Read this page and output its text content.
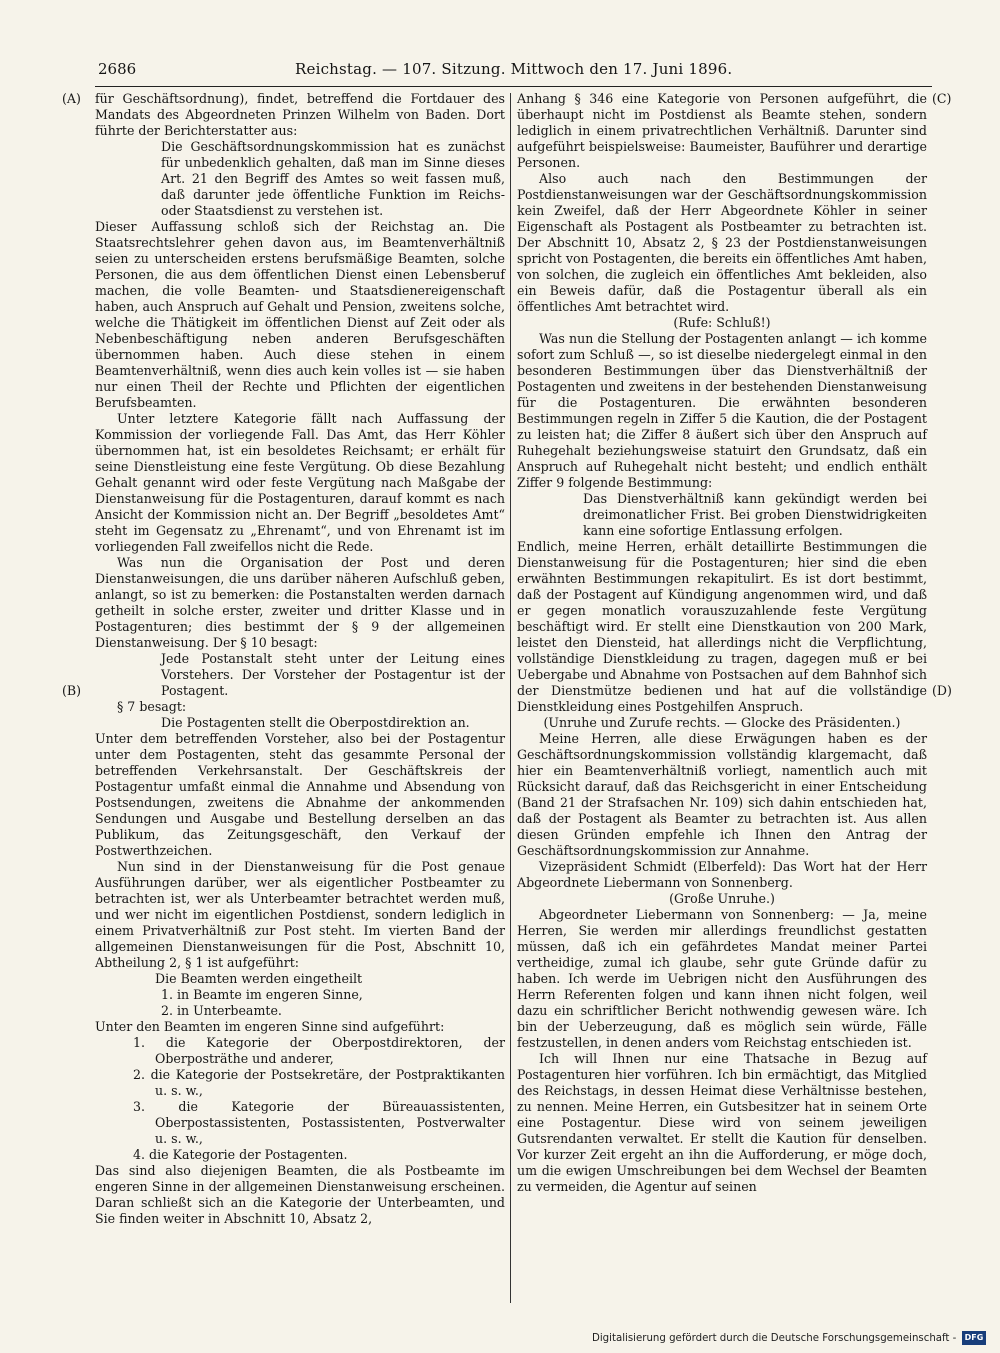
2686	Reichstag. — 107. Sitzung. Mittwoch den 17. Juni 1896.
(A)
(B)
(C)
(D)

für Geschäftsordnung), findet, betreffend die Fortdauer des Mandats des Abgeordneten Prinzen Wilhelm von Baden. Dort führte der Berichterstatter aus:

Die Geschäftsordnungskommission hat es zunächst für unbedenklich gehalten, daß man im Sinne dieses Art. 21 den Begriff des Amtes so weit fassen muß, daß darunter jede öffentliche Funktion im Reichs- oder Staatsdienst zu verstehen ist.

Dieser Auffassung schloß sich der Reichstag an. Die Staatsrechtslehrer gehen davon aus, im Beamtenverhältniß seien zu unterscheiden erstens berufsmäßige Beamten, solche Personen, die aus dem öffentlichen Dienst einen Lebensberuf machen, die volle Beamten- und Staatsdienereigenschaft haben, auch Anspruch auf Gehalt und Pension, zweitens solche, welche die Thätigkeit im öffentlichen Dienst auf Zeit oder als Nebenbeschäftigung neben anderen Berufsgeschäften übernommen haben. Auch diese stehen in einem Beamtenverhältniß, wenn dies auch kein volles ist — sie haben nur einen Theil der Rechte und Pflichten der eigentlichen Berufsbeamten.

Unter letztere Kategorie fällt nach Auffassung der Kommission der vorliegende Fall. Das Amt, das Herr Köhler übernommen hat, ist ein besoldetes Reichsamt; er erhält für seine Dienstleistung eine feste Vergütung. Ob diese Bezahlung Gehalt genannt wird oder feste Vergütung nach Maßgabe der Dienstanweisung für die Postagenturen, darauf kommt es nach Ansicht der Kommission nicht an. Der Begriff „besoldetes Amt“ steht im Gegensatz zu „Ehrenamt“, und von Ehrenamt ist im vorliegenden Fall zweifellos nicht die Rede.

Was nun die Organisation der Post und deren Dienstanweisungen, die uns darüber näheren Aufschluß geben, anlangt, so ist zu bemerken: die Postanstalten werden darnach getheilt in solche erster, zweiter und dritter Klasse und in Postagenturen; dies bestimmt der § 9 der allgemeinen Dienstanweisung. Der § 10 besagt:

Jede Postanstalt steht unter der Leitung eines Vorstehers. Der Vorsteher der Postagentur ist der Postagent.

§ 7 besagt:

Die Postagenten stellt die Oberpostdirektion an.

Unter dem betreffenden Vorsteher, also bei der Postagentur unter dem Postagenten, steht das gesammte Personal der betreffenden Verkehrsanstalt. Der Geschäftskreis der Postagentur umfaßt einmal die Annahme und Absendung von Postsendungen, zweitens die Abnahme der ankommenden Sendungen und Ausgabe und Bestellung derselben an das Publikum, das Zeitungsgeschäft, den Verkauf der Postwerthzeichen.

Nun sind in der Dienstanweisung für die Post genaue Ausführungen darüber, wer als eigentlicher Postbeamter zu betrachten ist, wer als Unterbeamter betrachtet werden muß, und wer nicht im eigentlichen Postdienst, sondern lediglich in einem Privatverhältniß zur Post steht. Im vierten Band der allgemeinen Dienstanweisungen für die Post, Abschnitt 10, Abtheilung 2, § 1 ist aufgeführt:

Die Beamten werden eingetheilt

1. in Beamte im engeren Sinne,

2. in Unterbeamte.

Unter den Beamten im engeren Sinne sind aufgeführt:

1. die Kategorie der Oberpostdirektoren, der Oberposträthe und anderer,

2. die Kategorie der Postsekretäre, der Postpraktikanten u. s. w.,

3. die Kategorie der Büreauassistenten, Oberpostassistenten, Postassistenten, Postverwalter u. s. w.,

4. die Kategorie der Postagenten.

Das sind also diejenigen Beamten, die als Postbeamte im engeren Sinne in der allgemeinen Dienstanweisung erscheinen. Daran schließt sich an die Kategorie der Unterbeamten, und Sie finden weiter in Abschnitt 10, Absatz 2,

Anhang § 346 eine Kategorie von Personen aufgeführt, die überhaupt nicht im Postdienst als Beamte stehen, sondern lediglich in einem privatrechtlichen Verhältniß. Darunter sind aufgeführt beispielsweise: Baumeister, Bauführer und derartige Personen.

Also auch nach den Bestimmungen der Postdienstanweisungen war der Geschäftsordnungskommission kein Zweifel, daß der Herr Abgeordnete Köhler in seiner Eigenschaft als Postagent als Postbeamter zu betrachten ist. Der Abschnitt 10, Absatz 2, § 23 der Postdienstanweisungen spricht von Postagenten, die bereits ein öffentliches Amt haben, von solchen, die zugleich ein öffentliches Amt bekleiden, also ein Beweis dafür, daß die Postagentur überall als ein öffentliches Amt betrachtet wird.

(Rufe: Schluß!)

Was nun die Stellung der Postagenten anlangt — ich komme sofort zum Schluß —, so ist dieselbe niedergelegt einmal in den besonderen Bestimmungen über das Dienstverhältniß der Postagenten und zweitens in der bestehenden Dienstanweisung für die Postagenturen. Die erwähnten besonderen Bestimmungen regeln in Ziffer 5 die Kaution, die der Postagent zu leisten hat; die Ziffer 8 äußert sich über den Anspruch auf Ruhegehalt beziehungsweise statuirt den Grundsatz, daß ein Anspruch auf Ruhegehalt nicht besteht; und endlich enthält Ziffer 9 folgende Bestimmung:

Das Dienstverhältniß kann gekündigt werden bei dreimonatlicher Frist. Bei groben Dienstwidrigkeiten kann eine sofortige Entlassung erfolgen.

Endlich, meine Herren, erhält detaillirte Bestimmungen die Dienstanweisung für die Postagenturen; hier sind die eben erwähnten Bestimmungen rekapitulirt. Es ist dort bestimmt, daß der Postagent auf Kündigung angenommen wird, und daß er gegen monatlich vorauszuzahlende feste Vergütung beschäftigt wird. Er stellt eine Dienstkaution von 200 Mark, leistet den Diensteid, hat allerdings nicht die Verpflichtung, vollständige Dienstkleidung zu tragen, dagegen muß er bei Uebergabe und Abnahme von Postsachen auf dem Bahnhof sich der Dienstmütze bedienen und hat auf die vollständige Dienstkleidung eines Postgehilfen Anspruch.

(Unruhe und Zurufe rechts. — Glocke des Präsidenten.)

Meine Herren, alle diese Erwägungen haben es der Geschäftsordnungskommission vollständig klargemacht, daß hier ein Beamtenverhältniß vorliegt, namentlich auch mit Rücksicht darauf, daß das Reichsgericht in einer Entscheidung (Band 21 der Strafsachen Nr. 109) sich dahin entschieden hat, daß der Postagent als Beamter zu betrachten ist. Aus allen diesen Gründen empfehle ich Ihnen den Antrag der Geschäftsordnungskommission zur Annahme.

Vizepräsident Schmidt (Elberfeld): Das Wort hat der Herr Abgeordnete Liebermann von Sonnenberg.

(Große Unruhe.)

Abgeordneter Liebermann von Sonnenberg: — Ja, meine Herren, Sie werden mir allerdings freundlichst gestatten müssen, daß ich ein gefährdetes Mandat meiner Partei vertheidige, zumal ich glaube, sehr gute Gründe dafür zu haben. Ich werde im Uebrigen nicht den Ausführungen des Herrn Referenten folgen und kann ihnen nicht folgen, weil dazu ein schriftlicher Bericht nothwendig gewesen wäre. Ich bin der Ueberzeugung, daß es möglich sein würde, Fälle festzustellen, in denen anders vom Reichstag entschieden ist.

Ich will Ihnen nur eine Thatsache in Bezug auf Postagenturen hier vorführen. Ich bin ermächtigt, das Mitglied des Reichstags, in dessen Heimat diese Verhältnisse bestehen, zu nennen. Meine Herren, ein Gutsbesitzer hat in seinem Orte eine Postagentur. Diese wird von seinem jeweiligen Gutsrendanten verwaltet. Er stellt die Kaution für denselben. Vor kurzer Zeit ergeht an ihn die Aufforderung, er möge doch, um die ewigen Umschreibungen bei dem Wechsel der Beamten zu vermeiden, die Agentur auf seinen

Digitalisierung gefördert durch die Deutsche Forschungsgemeinschaft -	DFG
